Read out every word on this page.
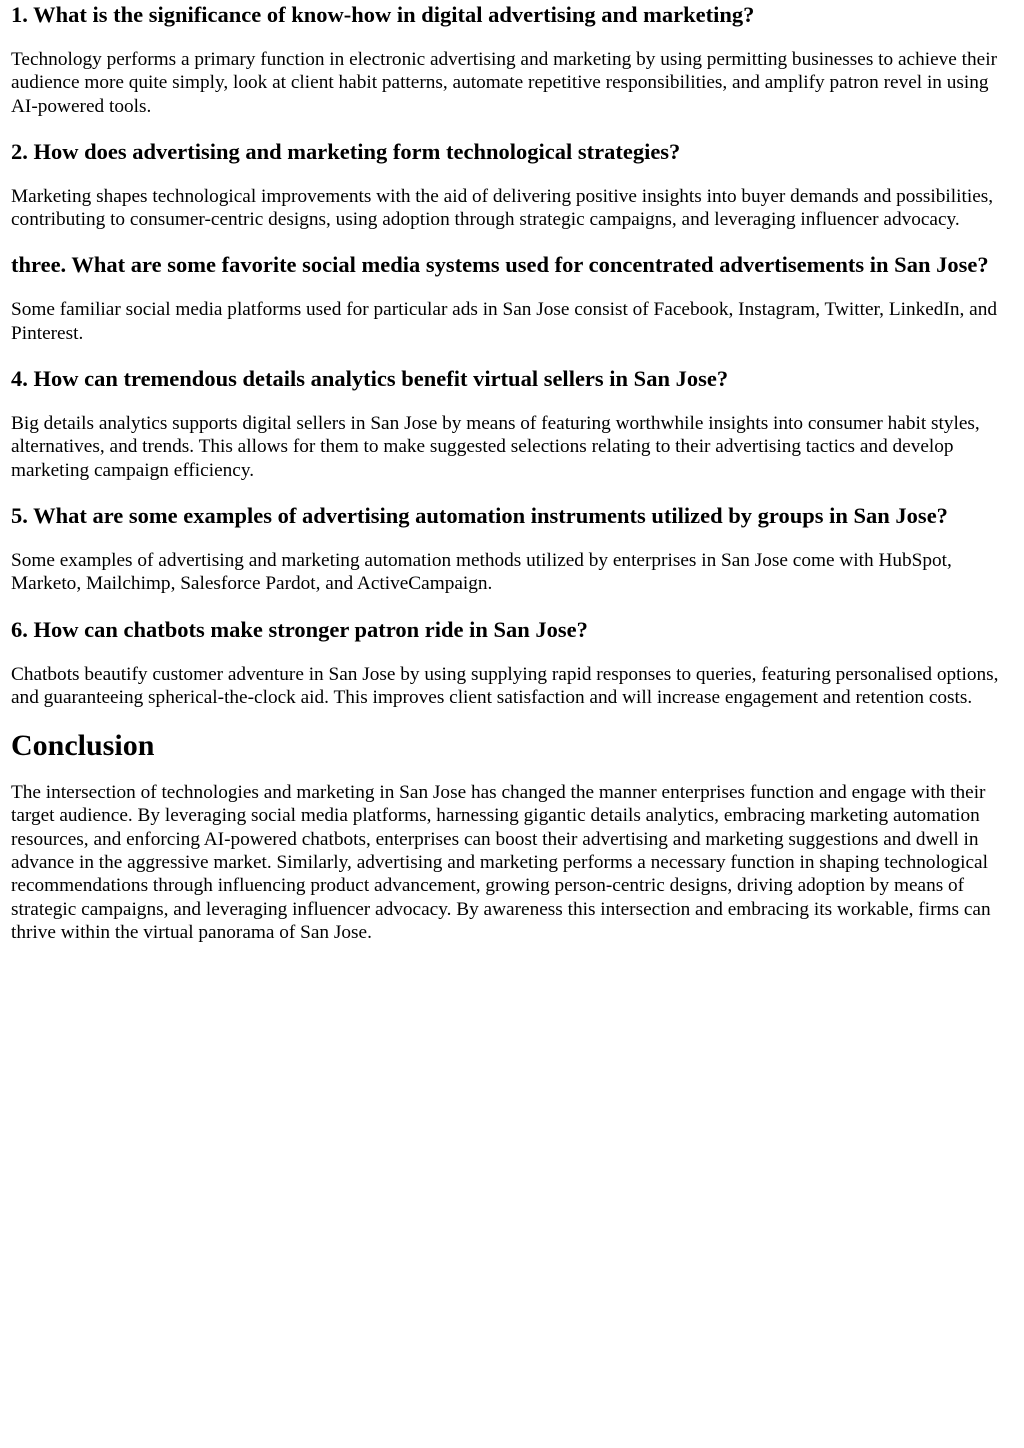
1. What is the significance of know-how in digital advertising and marketing?

Technology performs a primary function in electronic advertising and marketing by using permitting businesses to achieve their audience more quite simply, look at client habit patterns, automate repetitive responsibilities, and amplify patron revel in using AI-powered tools.

2. How does advertising and marketing form technological strategies?

Marketing shapes technological improvements with the aid of delivering positive insights into buyer demands and possibilities, contributing to consumer-centric designs, using adoption through strategic campaigns, and leveraging influencer advocacy.

three. What are some favorite social media systems used for concentrated advertisements in San Jose?

Some familiar social media platforms used for particular ads in San Jose consist of Facebook, Instagram, Twitter, LinkedIn, and Pinterest.

4. How can tremendous details analytics benefit virtual sellers in San Jose?

Big details analytics supports digital sellers in San Jose by means of featuring worthwhile insights into consumer habit styles, alternatives, and trends. This allows for them to make suggested selections relating to their advertising tactics and develop marketing campaign efficiency.

5. What are some examples of advertising automation instruments utilized by groups in San Jose?

Some examples of advertising and marketing automation methods utilized by enterprises in San Jose come with HubSpot, Marketo, Mailchimp, Salesforce Pardot, and ActiveCampaign.

6. How can chatbots make stronger patron ride in San Jose?

Chatbots beautify customer adventure in San Jose by using supplying rapid responses to queries, featuring personalised options, and guaranteeing spherical-the-clock aid. This improves client satisfaction and will increase engagement and retention costs.

Conclusion

The intersection of technologies and marketing in San Jose has changed the manner enterprises function and engage with their target audience. By leveraging social media platforms, harnessing gigantic details analytics, embracing marketing automation resources, and enforcing AI-powered chatbots, enterprises can boost their advertising and marketing suggestions and dwell in advance in the aggressive market. Similarly, advertising and marketing performs a necessary function in shaping technological recommendations through influencing product advancement, growing person-centric designs, driving adoption by means of strategic campaigns, and leveraging influencer advocacy. By awareness this intersection and embracing its workable, firms can thrive within the virtual panorama of San Jose.
